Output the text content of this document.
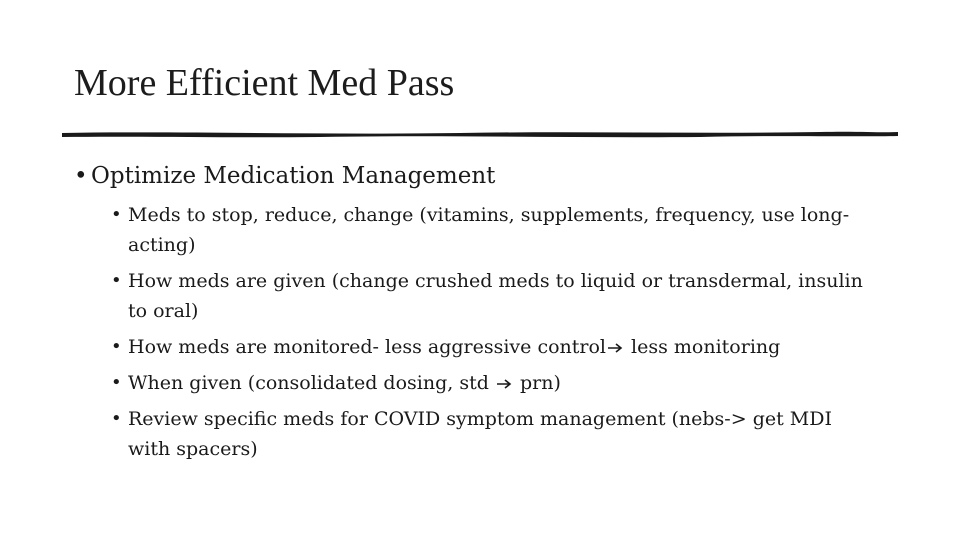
More Efficient Med Pass
• Optimize Medication Management
• Meds to stop, reduce, change (vitamins, supplements, frequency, use long-acting)
• How meds are given (change crushed meds to liquid or transdermal, insulin to oral)
• How meds are monitored- less aggressive control less monitoring
• When given (consolidated dosing, std  prn)
• Review specific meds for COVID symptom management (nebs-> get MDI with spacers)
